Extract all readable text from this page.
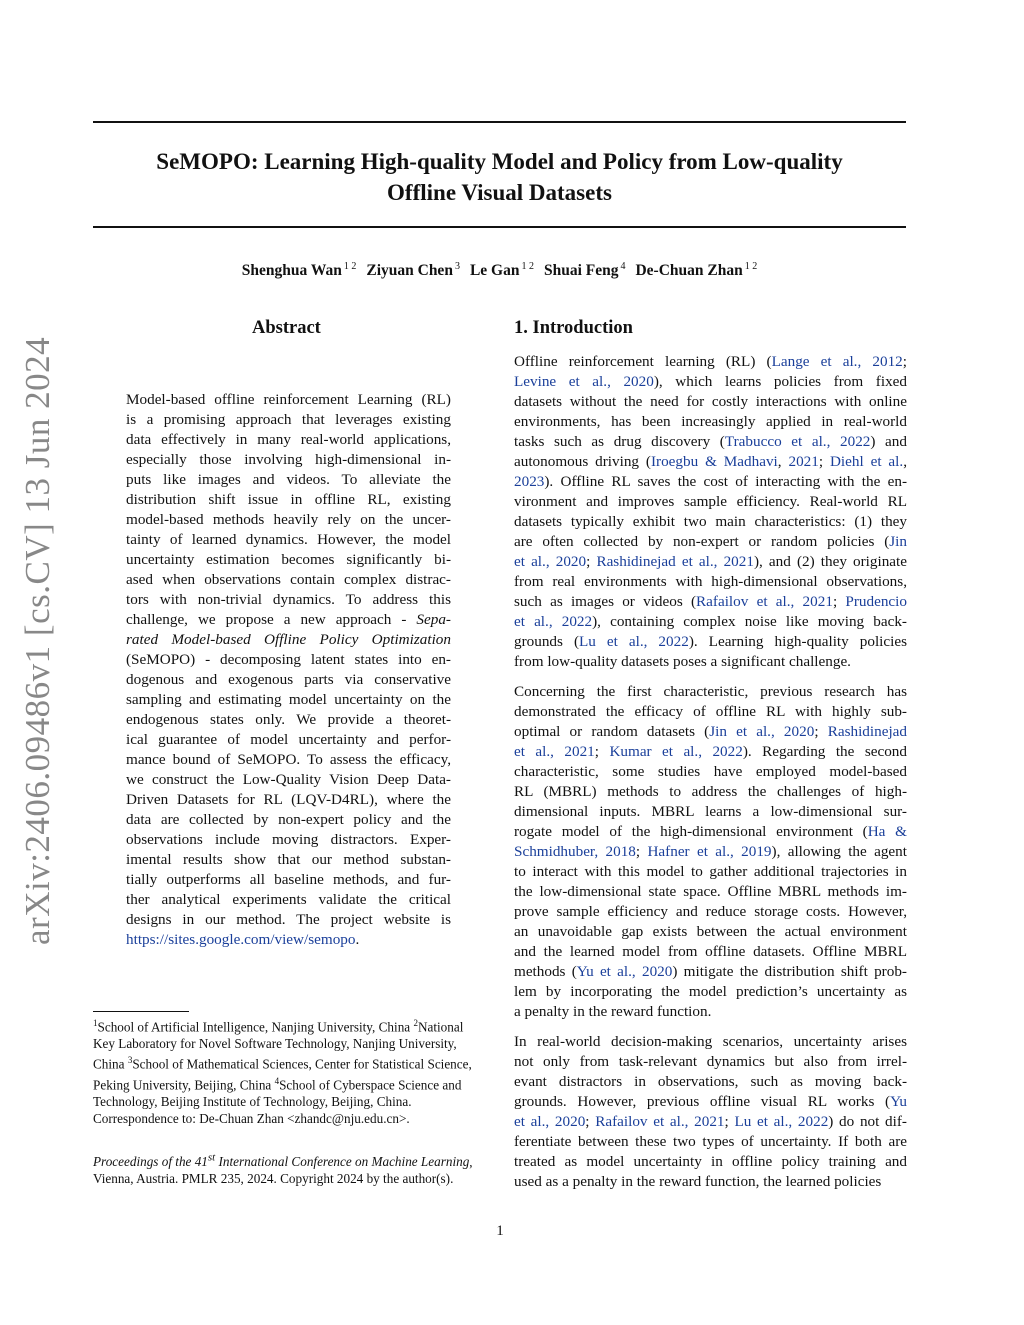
SeMOPO: Learning High-quality Model and Policy from Low-quality
Offline Visual Datasets
Shenghua Wan $^{1 2}$ Ziyuan Chen $^3$ Le Gan $^{1 2}$ Shuai Feng $^4$ De-Chuan Zhan $^{1 2}$
arXiv:2406.09486v1 [cs.CV] 13 Jun 2024
Abstract	1. Introduction
Model-based offline reinforcement Learning (RL)
is a promising approach that leverages existing
data effectively in many real-world applications,
especially those involving high-dimensional in-
puts like images and videos. To alleviate the
distribution shift issue in offline RL, existing
model-based methods heavily rely on the uncer-
tainty of learned dynamics. However, the model
uncertainty estimation becomes significantly bi-
ased when observations contain complex distrac-
tors with non-trivial dynamics. To address this
challenge, we propose a new approach - Sepa-
rated Model-based Offline Policy Optimization
(SeMOPO) - decomposing latent states into en-
dogenous and exogenous parts via conservative
sampling and estimating model uncertainty on the
endogenous states only. We provide a theoret-
ical guarantee of model uncertainty and perfor-
mance bound of SeMOPO. To assess the efficacy,
we construct the Low-Quality Vision Deep Data-
Driven Datasets for RL (LQV-D4RL), where the
data are collected by non-expert policy and the
observations include moving distractors. Exper-
imental results show that our method substan-
tially outperforms all baseline methods, and fur-
ther analytical experiments validate the critical
designs in our method. The project website is
https://sites.google.com/view/semopo.
Offline reinforcement learning (RL) (Lange et al., 2012;
Levine et al., 2020), which learns policies from fixed
datasets without the need for costly interactions with online
environments, has been increasingly applied in real-world
tasks such as drug discovery (Trabucco et al., 2022) and
autonomous driving (Iroegbu & Madhavi, 2021; Diehl et al.,
2023). Offline RL saves the cost of interacting with the en-
vironment and improves sample efficiency. Real-world RL
datasets typically exhibit two main characteristics: (1) they
are often collected by non-expert or random policies (Jin
et al., 2020; Rashidinejad et al., 2021), and (2) they originate
from real environments with high-dimensional observations,
such as images or videos (Rafailov et al., 2021; Prudencio
et al., 2022), containing complex noise like moving back-
grounds (Lu et al., 2022). Learning high-quality policies
from low-quality datasets poses a significant challenge.
Concerning the first characteristic, previous research has
demonstrated the efficacy of offline RL with highly sub-
optimal or random datasets (Jin et al., 2020; Rashidinejad
et al., 2021; Kumar et al., 2022). Regarding the second
characteristic, some studies have employed model-based
RL (MBRL) methods to address the challenges of high-
dimensional inputs. MBRL learns a low-dimensional sur-
rogate model of the high-dimensional environment (Ha &
Schmidhuber, 2018; Hafner et al., 2019), allowing the agent
to interact with this model to gather additional trajectories in
the low-dimensional state space. Offline MBRL methods im-
prove sample efficiency and reduce storage costs. However,
an unavoidable gap exists between the actual environment
and the learned model from offline datasets. Offline MBRL
methods (Yu et al., 2020) mitigate the distribution shift prob-
lem by incorporating the model prediction’s uncertainty as
a penalty in the reward function.
In real-world decision-making scenarios, uncertainty arises
not only from task-relevant dynamics but also from irrel-
evant distractors in observations, such as moving back-
grounds. However, previous offline visual RL works (Yu
et al., 2020; Rafailov et al., 2021; Lu et al., 2022) do not dif-
ferentiate between these two types of uncertainty. If both are
treated as model uncertainty in offline policy training and
used as a penalty in the reward function, the learned policies
$^1$School of Artificial Intelligence, Nanjing University, China $^2$National Key Laboratory for Novel Software Technology, Nanjing University, China $^3$School of Mathematical Sciences, Center for Statistical Science, Peking University, Beijing, China $^4$School of Cyberspace Science and Technology, Beijing Institute of Technology, Beijing, China. Correspondence to: De-Chuan Zhan <zhandc@nju.edu.cn>.
Proceedings of the 41st International Conference on Machine Learning, Vienna, Austria. PMLR 235, 2024. Copyright 2024 by the author(s).
1
